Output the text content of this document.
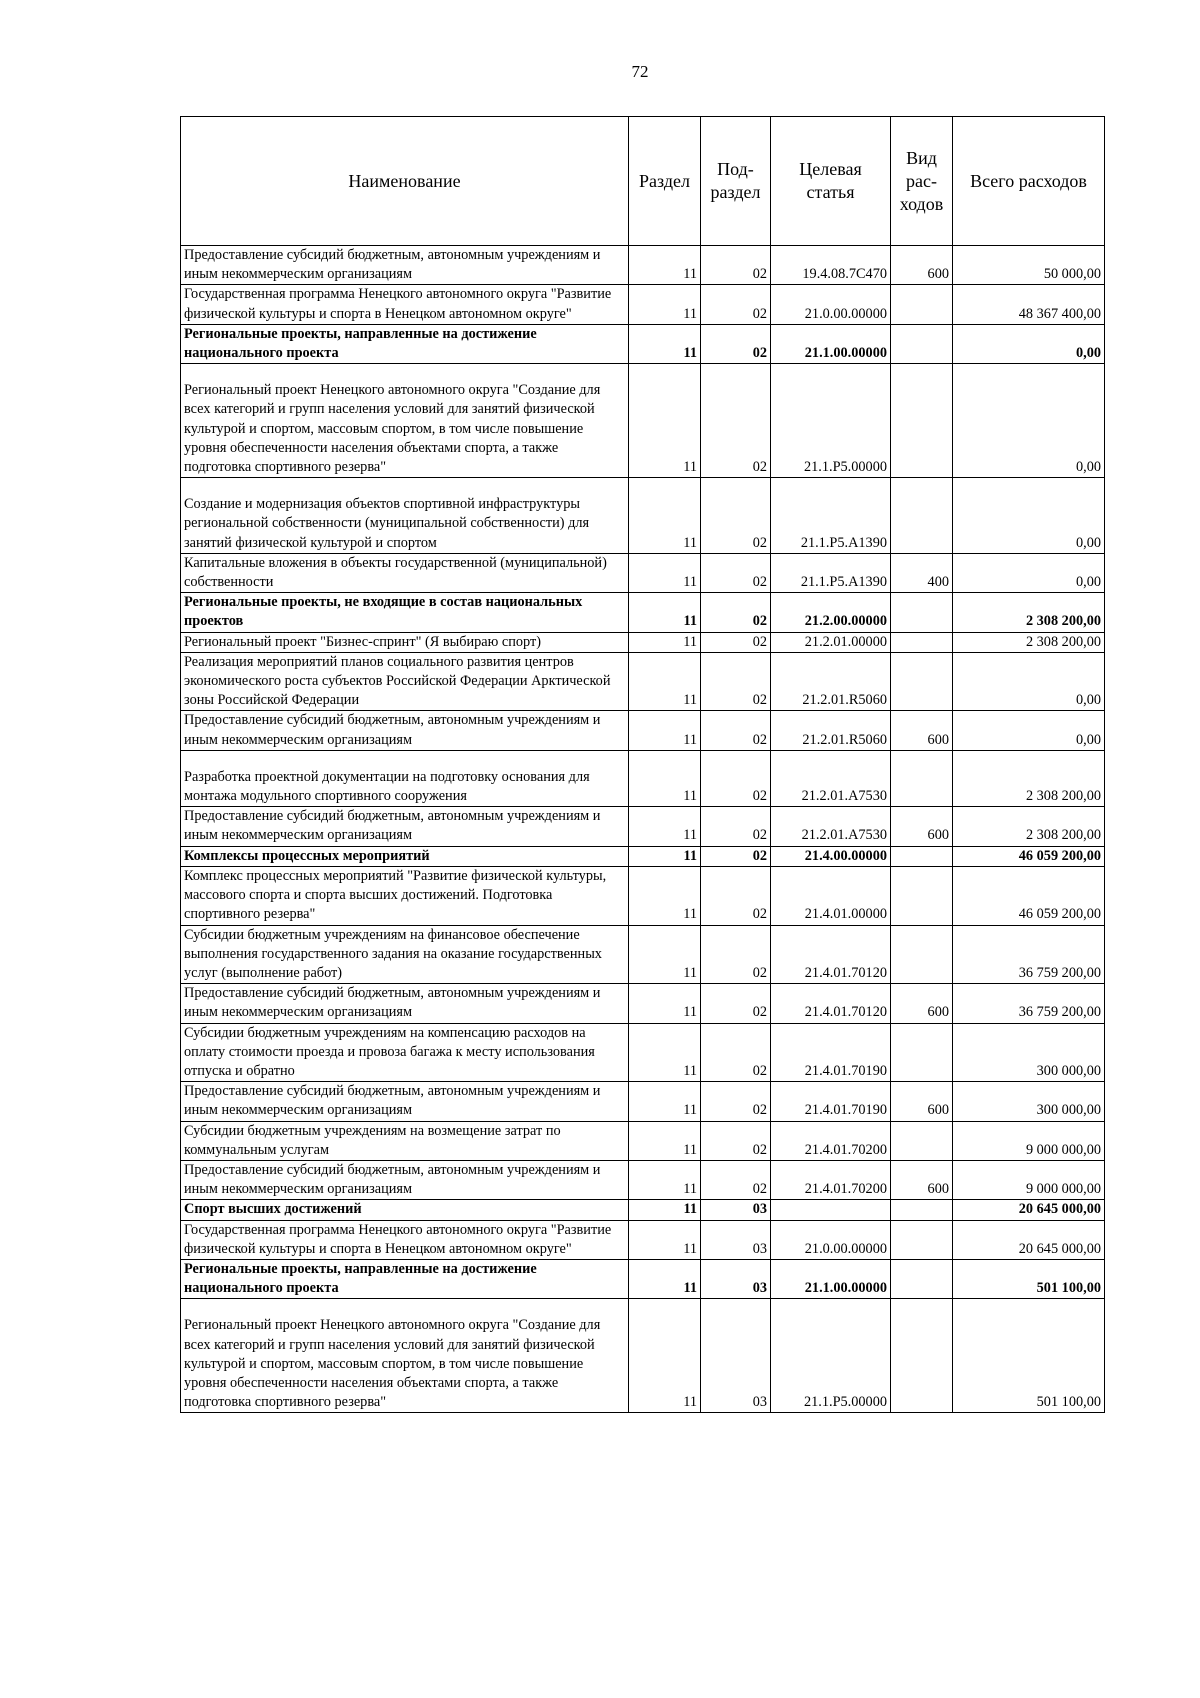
72
Наименование	Раздел	Под-раздел	Целевая статья	Вид рас-ходов	Всего расходов
Предоставление субсидий бюджетным, автономным учреждениям и иным некоммерческим организациям	11	02	19.4.08.7С470	600	50 000,00
Государственная программа Ненецкого автономного округа "Развитие физической культуры и спорта в Ненецком автономном округе"	11	02	21.0.00.00000		48 367 400,00
Региональные проекты, направленные на достижение национального проекта	11	02	21.1.00.00000		0,00
Региональный проект Ненецкого автономного округа "Создание для всех категорий и групп населения условий для занятий физической культурой и спортом, массовым спортом, в том числе повышение уровня обеспеченности населения объектами спорта, а также подготовка спортивного резерва"	11	02	21.1.Р5.00000		0,00
Создание и модернизация объектов спортивной инфраструктуры региональной собственности (муниципальной собственности) для занятий физической культурой и спортом	11	02	21.1.Р5.А1390		0,00
Капитальные вложения в объекты государственной (муниципальной) собственности	11	02	21.1.Р5.А1390	400	0,00
Региональные проекты, не входящие в состав национальных проектов	11	02	21.2.00.00000		2 308 200,00
Региональный проект "Бизнес-спринт" (Я выбираю спорт)	11	02	21.2.01.00000		2 308 200,00
Реализация мероприятий планов социального развития центров экономического роста субъектов Российской Федерации Арктической зоны Российской Федерации	11	02	21.2.01.R5060		0,00
Предоставление субсидий бюджетным, автономным учреждениям и иным некоммерческим организациям	11	02	21.2.01.R5060	600	0,00
Разработка проектной документации на подготовку основания для монтажа модульного спортивного сооружения	11	02	21.2.01.А7530		2 308 200,00
Предоставление субсидий бюджетным, автономным учреждениям и иным некоммерческим организациям	11	02	21.2.01.А7530	600	2 308 200,00
Комплексы процессных мероприятий	11	02	21.4.00.00000		46 059 200,00
Комплекс процессных мероприятий "Развитие физической культуры, массового спорта и спорта высших достижений. Подготовка спортивного резерва"	11	02	21.4.01.00000		46 059 200,00
Субсидии бюджетным учреждениям на финансовое обеспечение выполнения государственного задания на оказание государственных услуг (выполнение работ)	11	02	21.4.01.70120		36 759 200,00
Предоставление субсидий бюджетным, автономным учреждениям и иным некоммерческим организациям	11	02	21.4.01.70120	600	36 759 200,00
Субсидии бюджетным учреждениям на компенсацию расходов на оплату стоимости проезда и провоза багажа к месту использования отпуска и обратно	11	02	21.4.01.70190		300 000,00
Предоставление субсидий бюджетным, автономным учреждениям и иным некоммерческим организациям	11	02	21.4.01.70190	600	300 000,00
Субсидии бюджетным учреждениям на возмещение затрат по коммунальным услугам	11	02	21.4.01.70200		9 000 000,00
Предоставление субсидий бюджетным, автономным учреждениям и иным некоммерческим организациям	11	02	21.4.01.70200	600	9 000 000,00
Спорт высших достижений	11	03			20 645 000,00
Государственная программа Ненецкого автономного округа "Развитие физической культуры и спорта в Ненецком автономном округе"	11	03	21.0.00.00000		20 645 000,00
Региональные проекты, направленные на достижение национального проекта	11	03	21.1.00.00000		501 100,00
Региональный проект Ненецкого автономного округа "Создание для всех категорий и групп населения условий для занятий физической культурой и спортом, массовым спортом, в том числе повышение уровня обеспеченности населения объектами спорта, а также подготовка спортивного резерва"	11	03	21.1.Р5.00000		501 100,00
